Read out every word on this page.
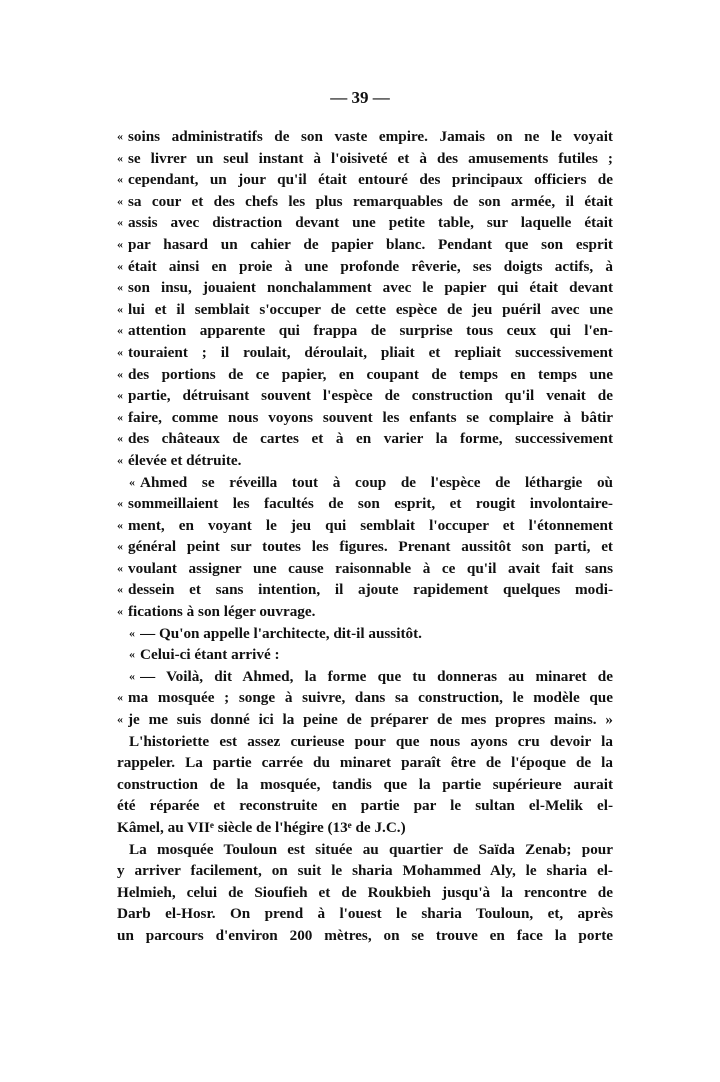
— 39 —
« soins administratifs de son vaste empire. Jamais on ne le voyait
« se livrer un seul instant à l'oisiveté et à des amusements futiles ;
« cependant, un jour qu'il était entouré des principaux officiers de
« sa cour et des chefs les plus remarquables de son armée, il était
« assis avec distraction devant une petite table, sur laquelle était
« par hasard un cahier de papier blanc. Pendant que son esprit
« était ainsi en proie à une profonde rêverie, ses doigts actifs, à
« son insu, jouaient nonchalamment avec le papier qui était devant
« lui et il semblait s'occuper de cette espèce de jeu puéril avec une
« attention apparente qui frappa de surprise tous ceux qui l'en-
« touraient ; il roulait, déroulait, pliait et repliait successivement
« des portions de ce papier, en coupant de temps en temps une
« partie, détruisant souvent l'espèce de construction qu'il venait de
« faire, comme nous voyons souvent les enfants se complaire à bâtir
« des châteaux de cartes et à en varier la forme, successivement
« élevée et détruite.
« Ahmed se réveilla tout à coup de l'espèce de léthargie où
« sommeillaient les facultés de son esprit, et rougit involontaire-
« ment, en voyant le jeu qui semblait l'occuper et l'étonnement
« général peint sur toutes les figures. Prenant aussitôt son parti, et
« voulant assigner une cause raisonnable à ce qu'il avait fait sans
« dessein et sans intention, il ajoute rapidement quelques modi-
« fications à son léger ouvrage.
« — Qu'on appelle l'architecte, dit-il aussitôt.
« Celui-ci étant arrivé :
« — Voilà, dit Ahmed, la forme que tu donneras au minaret de
« ma mosquée ; songe à suivre, dans sa construction, le modèle que
« je me suis donné ici la peine de préparer de mes propres mains. »
L'historiette est assez curieuse pour que nous ayons cru devoir la
rappeler. La partie carrée du minaret paraît être de l'époque de la
construction de la mosquée, tandis que la partie supérieure aurait
été réparée et reconstruite en partie par le sultan el-Melik el-
Kâmel, au VIIᵉ siècle de l'hégire (13ᵉ de J.C.)
La mosquée Touloun est située au quartier de Saïda Zenab; pour
y arriver facilement, on suit le sharia Mohammed Aly, le sharia el-
Helmieh, celui de Sioufieh et de Roukbieh jusqu'à la rencontre de
Darb el-Hosr. On prend à l'ouest le sharia Touloun, et, après
un parcours d'environ 200 mètres, on se trouve en face la porte
